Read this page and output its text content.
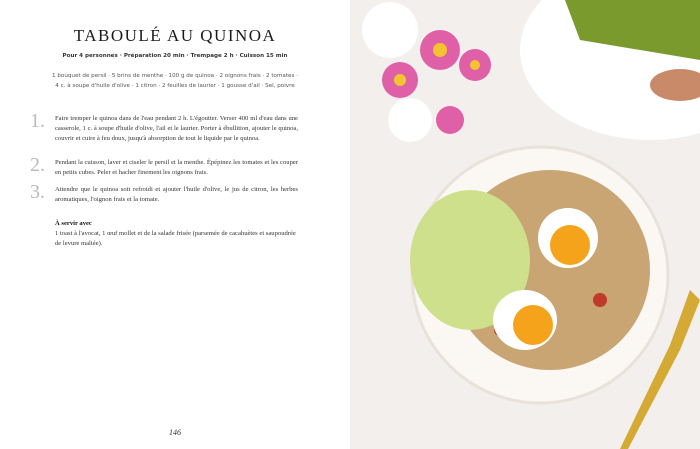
TABOULÉ AU QUINOA
Pour 4 personnes · Préparation 20 min · Trempage 2 h · Cuisson 15 min
1 bouquet de persil · 5 brins de menthe · 100 g de quinoa · 2 oignons frais · 2 tomates · 4 c. à soupe d'huile d'olive · 1 citron · 2 feuilles de laurier · 1 gousse d'ail · Sel, poivre
1. Faire tremper le quinoa dans de l'eau pendant 2 h. L'égoutter. Verser 400 ml d'eau dans une casserole, 1 c. à soupe d'huile d'olive, l'ail et le laurier. Porter à ébullition, ajouter le quinoa, couvrir et cuire à feu doux, jusqu'à absorption de tout le liquide par le quinoa.
2. Pendant la cuisson, laver et ciseler le persil et la menthe. Épépinez les tomates et les couper en petits cubes. Peler et hacher finement les oignons frais.
3. Attendre que le quinoa soit refroidi et ajouter l'huile d'olive, le jus de citron, les herbes aromatiques, l'oignon frais et la tomate.
À servir avec
1 toast à l'avocat, 1 œuf mollet et de la salade frisée (parsemée de cacahuètes et saupoudrée de levure maltée).
146
